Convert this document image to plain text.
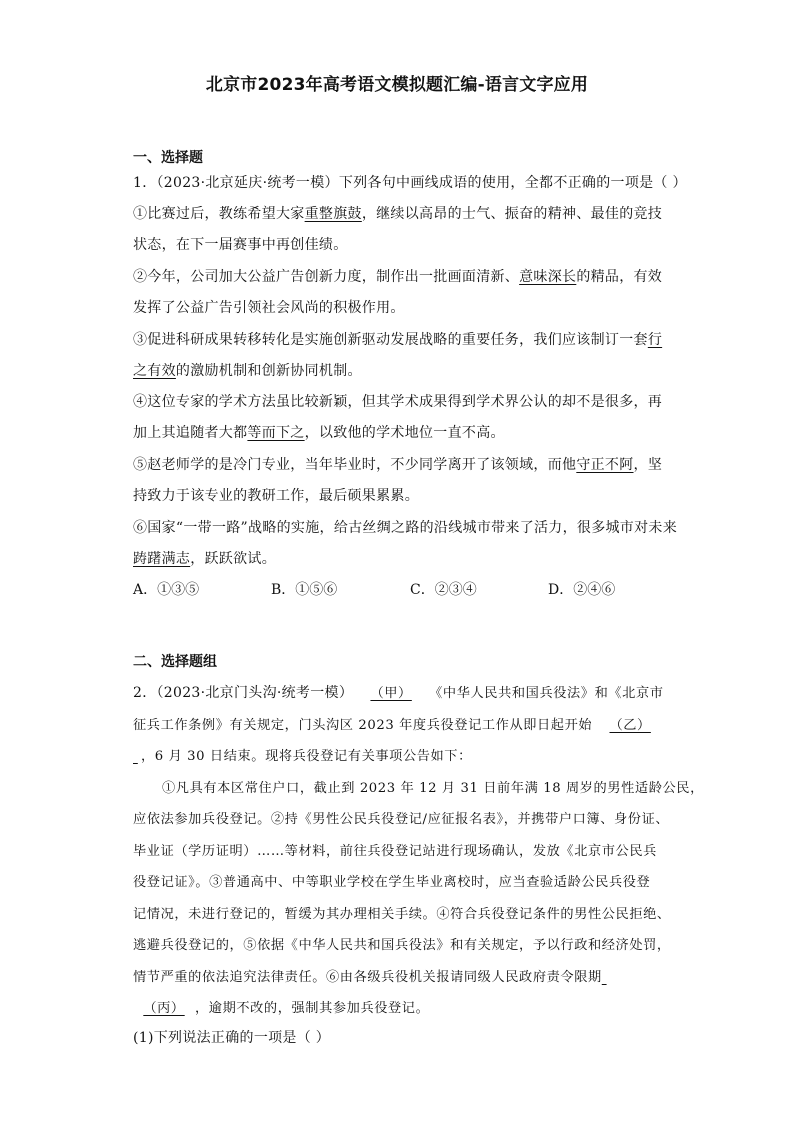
北京市2023年高考语文模拟题汇编-语言文字应用
一、选择题
1．（2023·北京延庆·统考一模）下列各句中画线成语的使用，全都不正确的一项是（ ）
①比赛过后，教练希望大家重整旗鼓，继续以高昂的士气、振奋的精神、最佳的竞技
状态，在下一届赛事中再创佳绩。
②今年，公司加大公益广告创新力度，制作出一批画面清新、意味深长的精品，有效
发挥了公益广告引领社会风尚的积极作用。
③促进科研成果转移转化是实施创新驱动发展战略的重要任务，我们应该制订一套行
之有效的激励机制和创新协同机制。
④这位专家的学术方法虽比较新颖，但其学术成果得到学术界公认的却不是很多，再
加上其追随者大都等而下之，以致他的学术地位一直不高。
⑤赵老师学的是冷门专业，当年毕业时，不少同学离开了该领域，而他守正不阿，坚
持致力于该专业的教研工作，最后硕果累累。
⑥国家“一带一路”战略的实施，给古丝绸之路的沿线城市带来了活力，很多城市对未来
踌躇满志，跃跃欲试。
A．①③⑤	B．①⑤⑥	C．②③④	D．②④⑥
二、选择题组
2．（2023·北京门头沟·统考一模） （甲） 《中华人民共和国兵役法》和《北京市
征兵工作条例》有关规定，门头沟区 2023 年度兵役登记工作从即日起开始 （乙）
，6 月 30 日结束。现将兵役登记有关事项公告如下：
①凡具有本区常住户口，截止到 2023 年 12 月 31 日前年满 18 周岁的男性适龄公民，
应依法参加兵役登记。②持《男性公民兵役登记/应征报名表》，并携带户口簿、身份证、
毕业证（学历证明）……等材料，前往兵役登记站进行现场确认，发放《北京市公民兵
役登记证》。③普通高中、中等职业学校在学生毕业离校时，应当查验适龄公民兵役登
记情况，未进行登记的，暂缓为其办理相关手续。④符合兵役登记条件的男性公民拒绝、
逃避兵役登记的，⑤依据《中华人民共和国兵役法》和有关规定，予以行政和经济处罚，
情节严重的依法追究法律责任。⑥由各级兵役机关报请同级人民政府责令限期
（丙） ，逾期不改的，强制其参加兵役登记。
(1)下列说法正确的一项是（ ）
